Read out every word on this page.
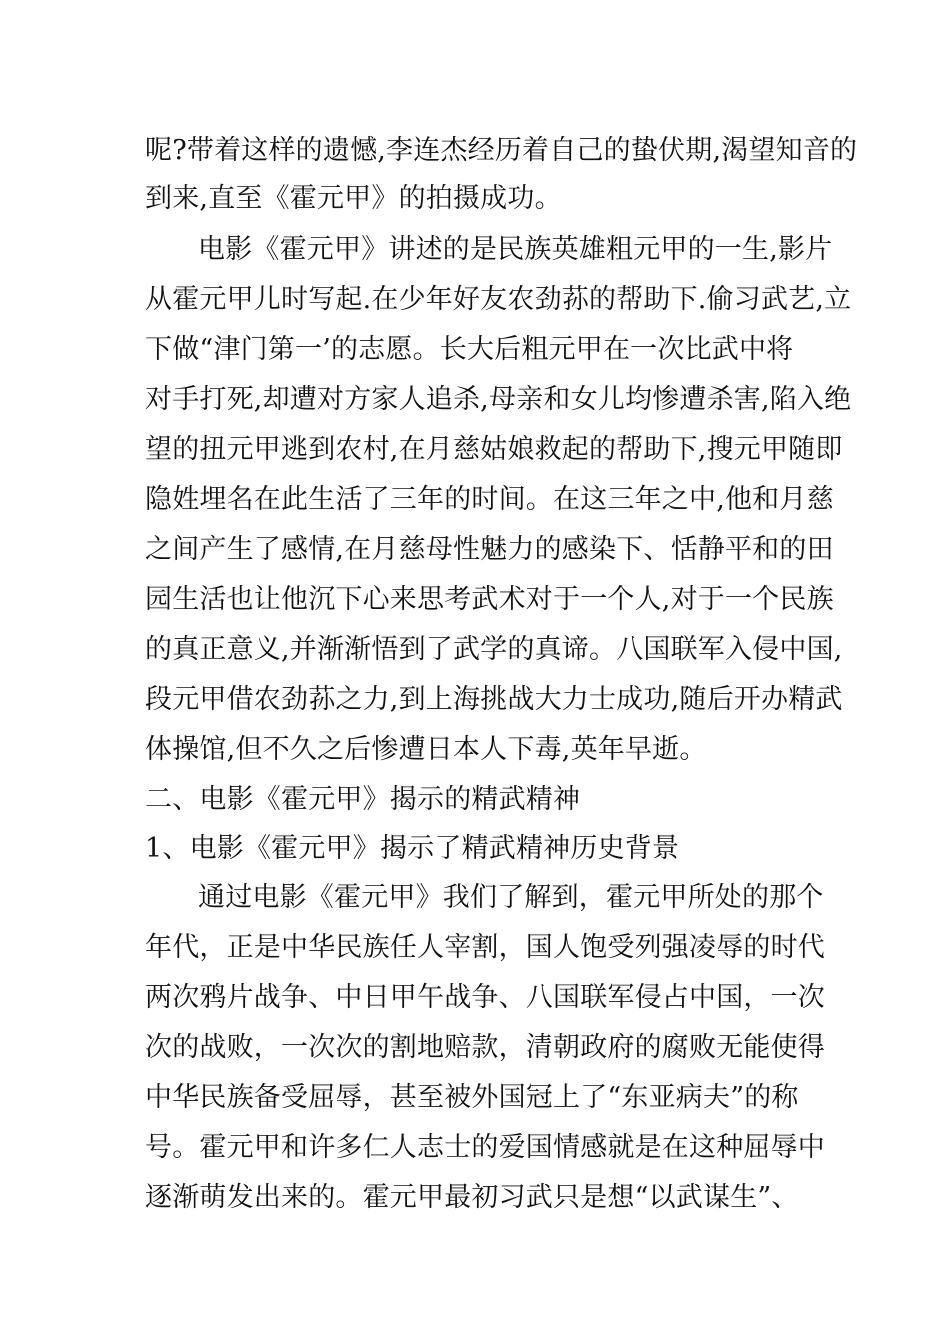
呢?带着这样的遗憾,李连杰经历着自己的蛰伏期,渴望知音的
到来,直至《霍元甲》的拍摄成功。
电影《霍元甲》讲述的是民族英雄粗元甲的一生,影片
从霍元甲儿时写起.在少年好友农劲荪的帮助下.偷习武艺,立
下做“津门第一’的志愿。长大后粗元甲在一次比武中将
对手打死,却遭对方家人追杀,母亲和女儿均惨遭杀害,陷入绝
望的扭元甲逃到农村,在月慈姑娘救起的帮助下,搜元甲随即
隐姓埋名在此生活了三年的时间。在这三年之中,他和月慈
之间产生了感情,在月慈母性魅力的感染下、恬静平和的田
园生活也让他沉下心来思考武术对于一个人,对于一个民族
的真正意义,并渐渐悟到了武学的真谛。八国联军入侵中国,
段元甲借农劲荪之力,到上海挑战大力士成功,随后开办精武
体操馆,但不久之后惨遭日本人下毒,英年早逝。
二、电影《霍元甲》揭示的精武精神
1、电影《霍元甲》揭示了精武精神历史背景
通过电影《霍元甲》我们了解到，霍元甲所处的那个
年代，正是中华民族任人宰割，国人饱受列强凌辱的时代
两次鸦片战争、中日甲午战争、八国联军侵占中国，一次
次的战败，一次次的割地赔款，清朝政府的腐败无能使得
中华民族备受屈辱，甚至被外国冠上了“东亚病夫”的称
号。霍元甲和许多仁人志士的爱国情感就是在这种屈辱中
逐渐萌发出来的。霍元甲最初习武只是想“以武谋生”、
